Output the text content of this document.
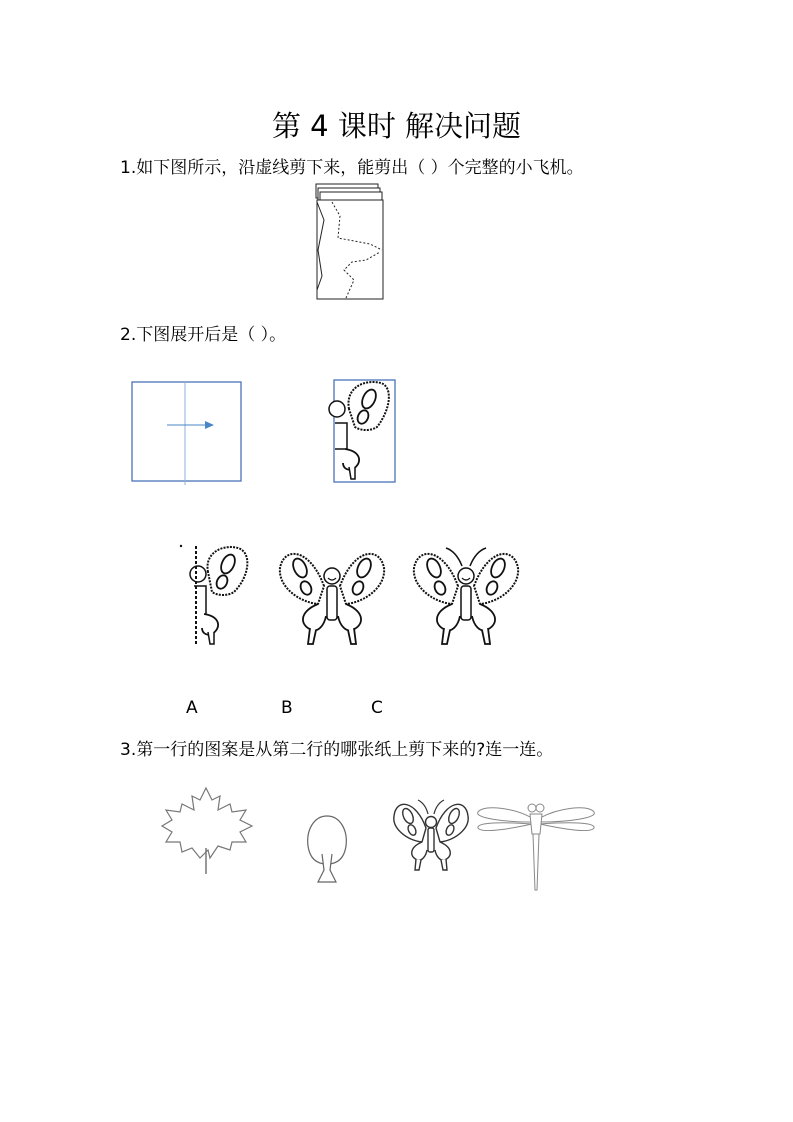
第 4 课时 解决问题
1.如下图所示，沿虚线剪下来，能剪出（ ）个完整的小飞机。
2.下图展开后是（ ）。
A	B	C
3.第一行的图案是从第二行的哪张纸上剪下来的?连一连。
